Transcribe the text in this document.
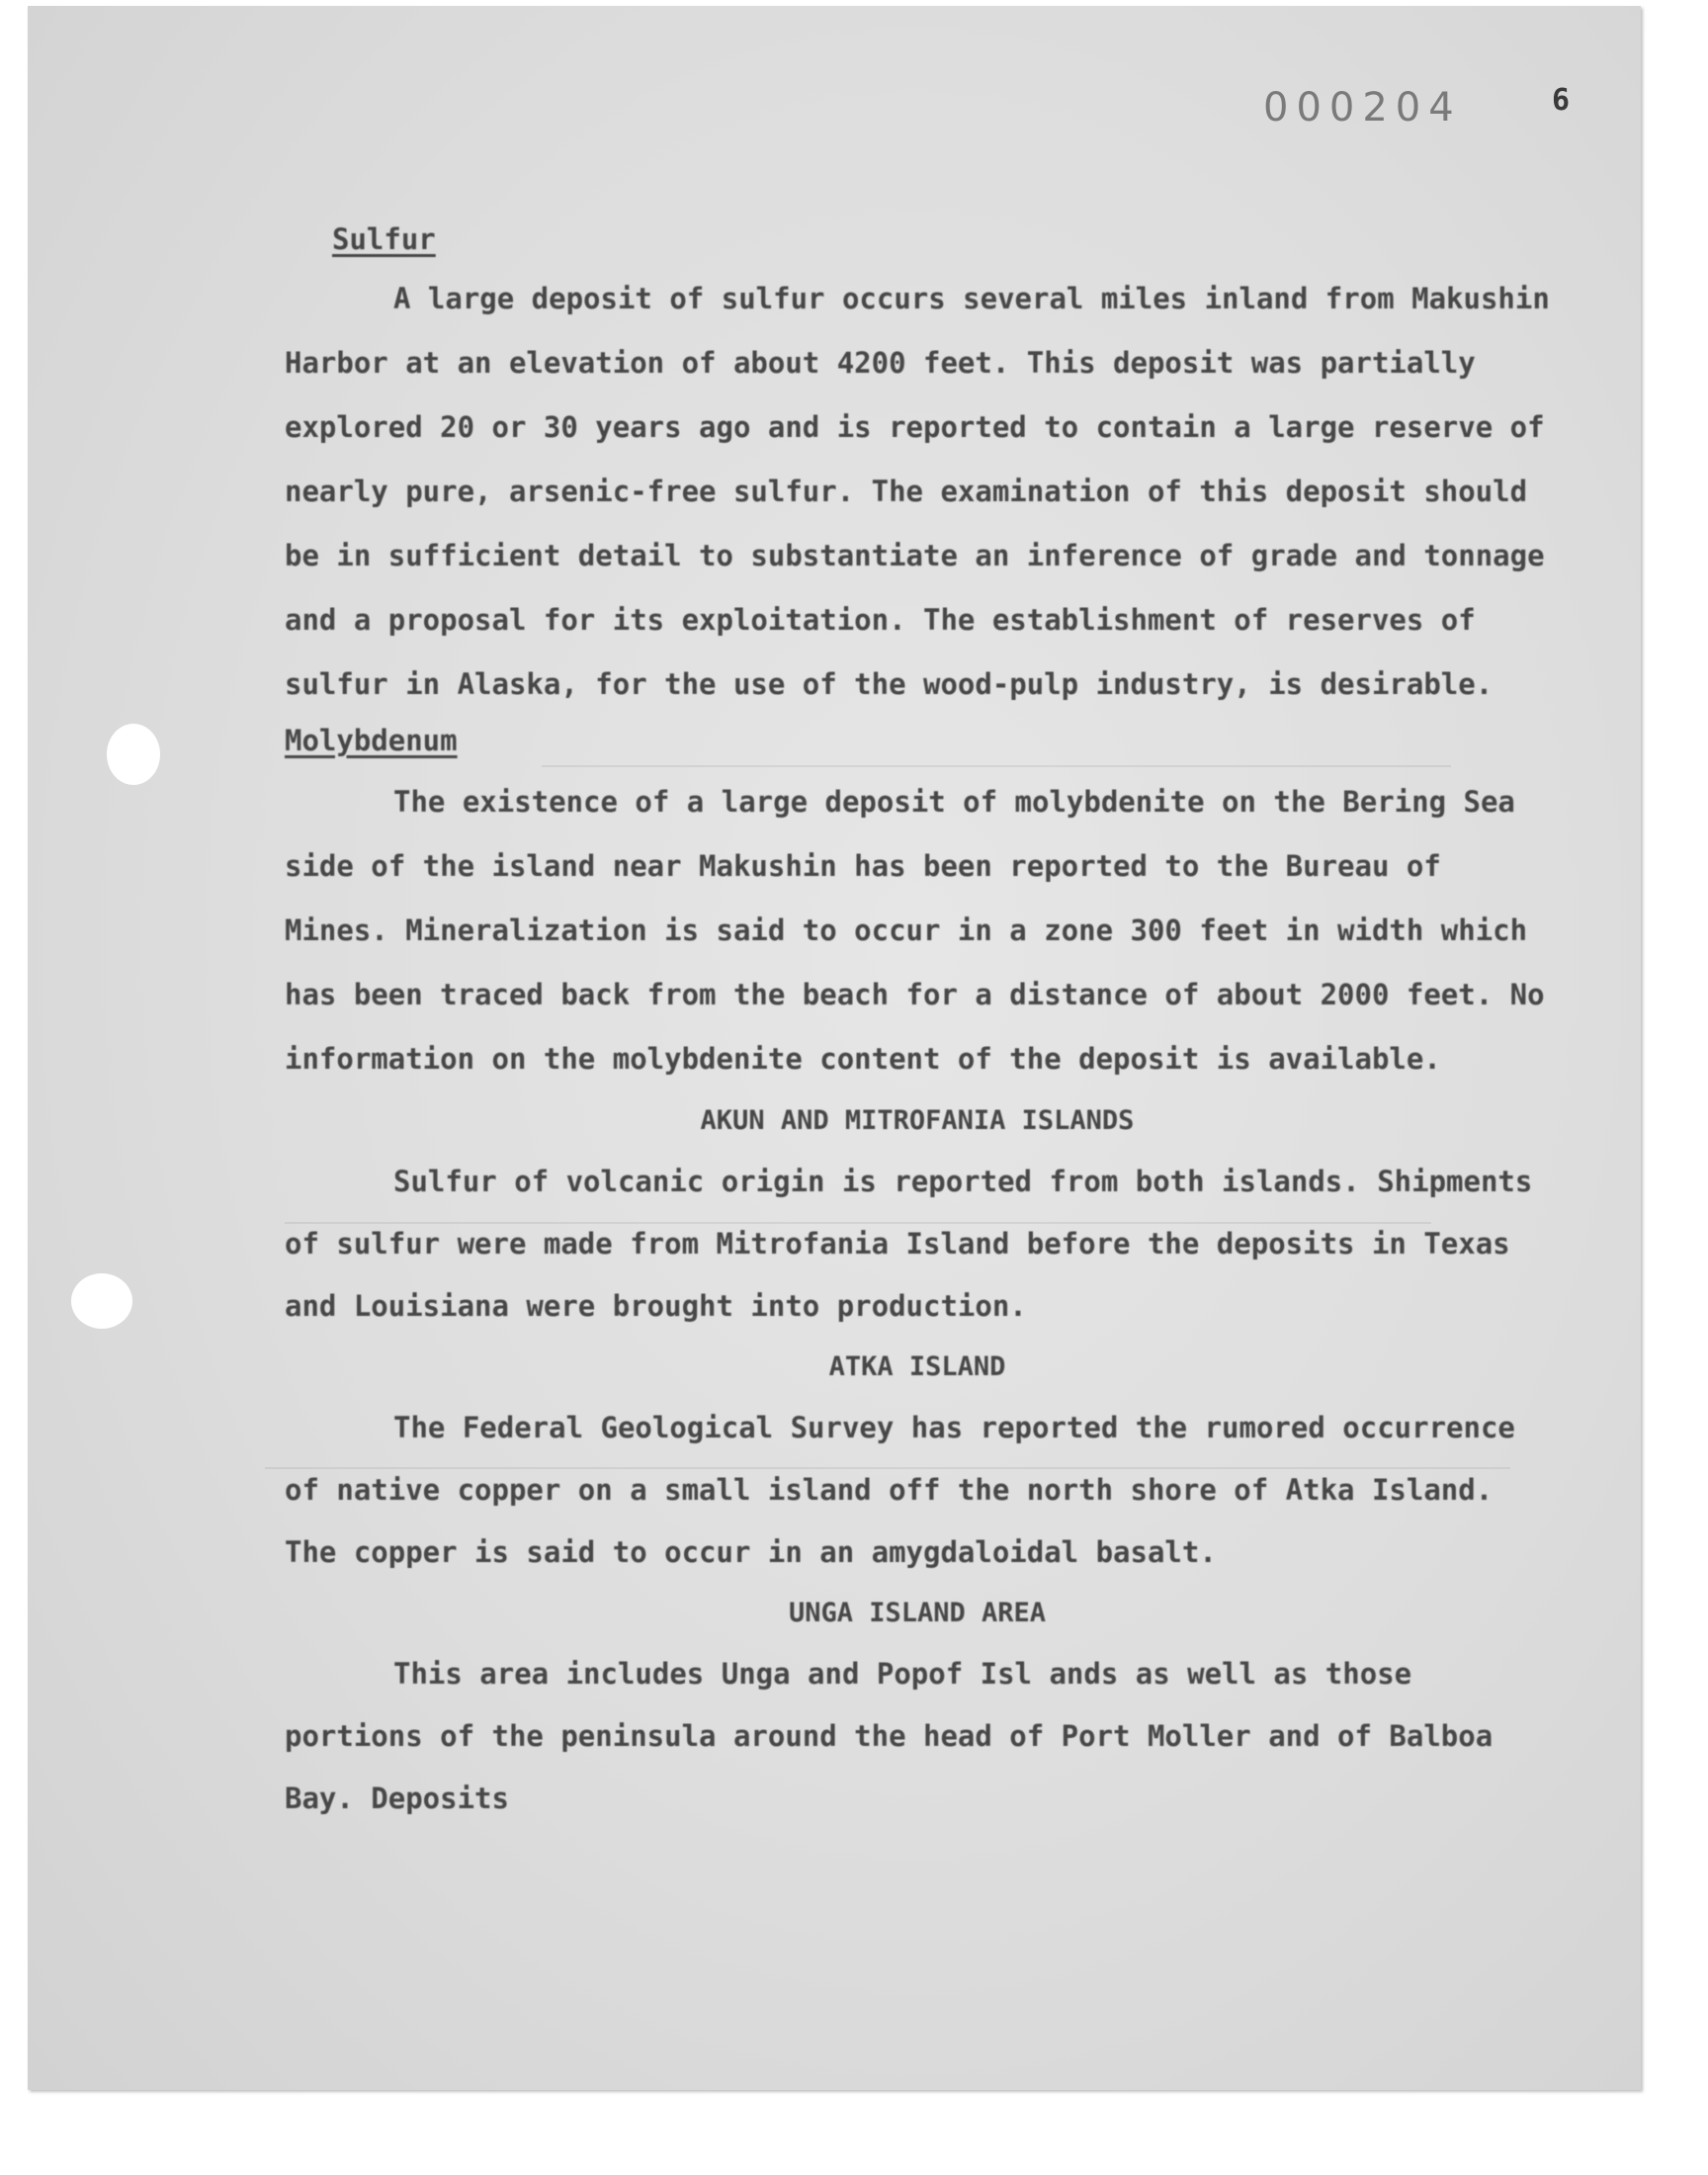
000204	6
Sulfur

A large deposit of sulfur occurs several miles inland from Makushin Harbor at an elevation of about 4200 feet. This deposit was partially explored 20 or 30 years ago and is reported to contain a large reserve of nearly pure, arsenic-free sulfur. The examination of this deposit should be in sufficient detail to substantiate an inference of grade and tonnage and a proposal for its exploitation. The establishment of reserves of sulfur in Alaska, for the use of the wood-pulp industry, is desirable.

Molybdenum

The existence of a large deposit of molybdenite on the Bering Sea side of the island near Makushin has been reported to the Bureau of Mines. Mineralization is said to occur in a zone 300 feet in width which has been traced back from the beach for a distance of about 2000 feet. No information on the molybdenite content of the deposit is available.

AKUN AND MITROFANIA ISLANDS

Sulfur of volcanic origin is reported from both islands. Shipments of sulfur were made from Mitrofania Island before the deposits in Texas and Louisiana were brought into production.

ATKA ISLAND

The Federal Geological Survey has reported the rumored occurrence of native copper on a small island off the north shore of Atka Island. The copper is said to occur in an amygdaloidal basalt.

UNGA ISLAND AREA

This area includes Unga and Popof Isl ands as well as those portions of the peninsula around the head of Port Moller and of Balboa Bay. Deposits
